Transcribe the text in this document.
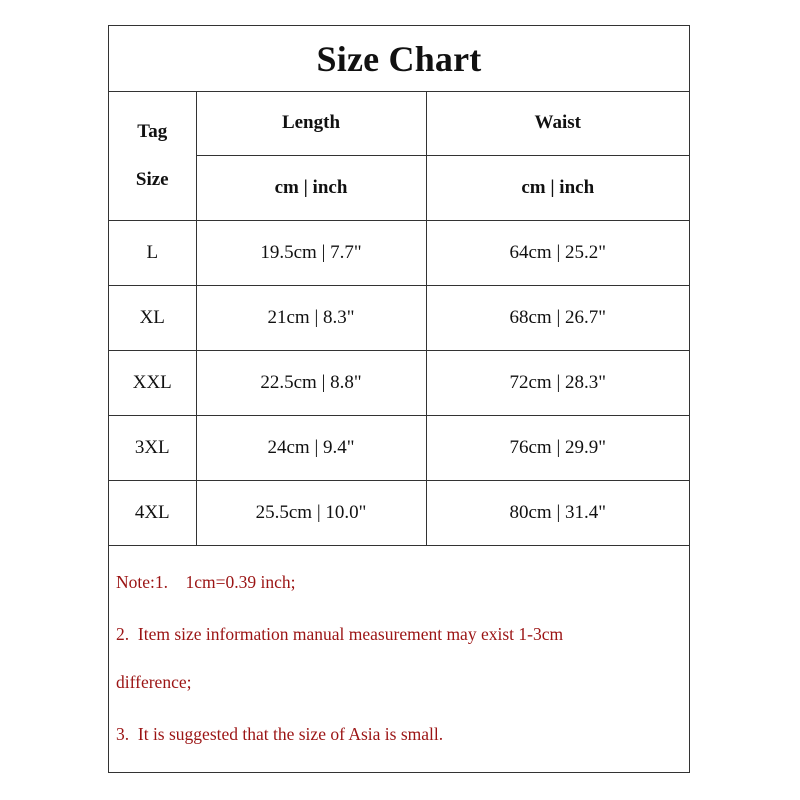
Size Chart
Tag
Size	Length	Waist
	cm | inch	cm | inch
L	19.5cm | 7.7"	64cm | 25.2"
XL	21cm | 8.3"	68cm | 26.7"
XXL	22.5cm | 8.8"	72cm | 28.3"
3XL	24cm | 9.4"	76cm | 29.9"
4XL	25.5cm | 10.0"	80cm | 31.4"
Note:1.    1cm=0.39 inch;
2.  Item size information manual measurement may exist 1-3cm
difference;
3.  It is suggested that the size of Asia is small.
